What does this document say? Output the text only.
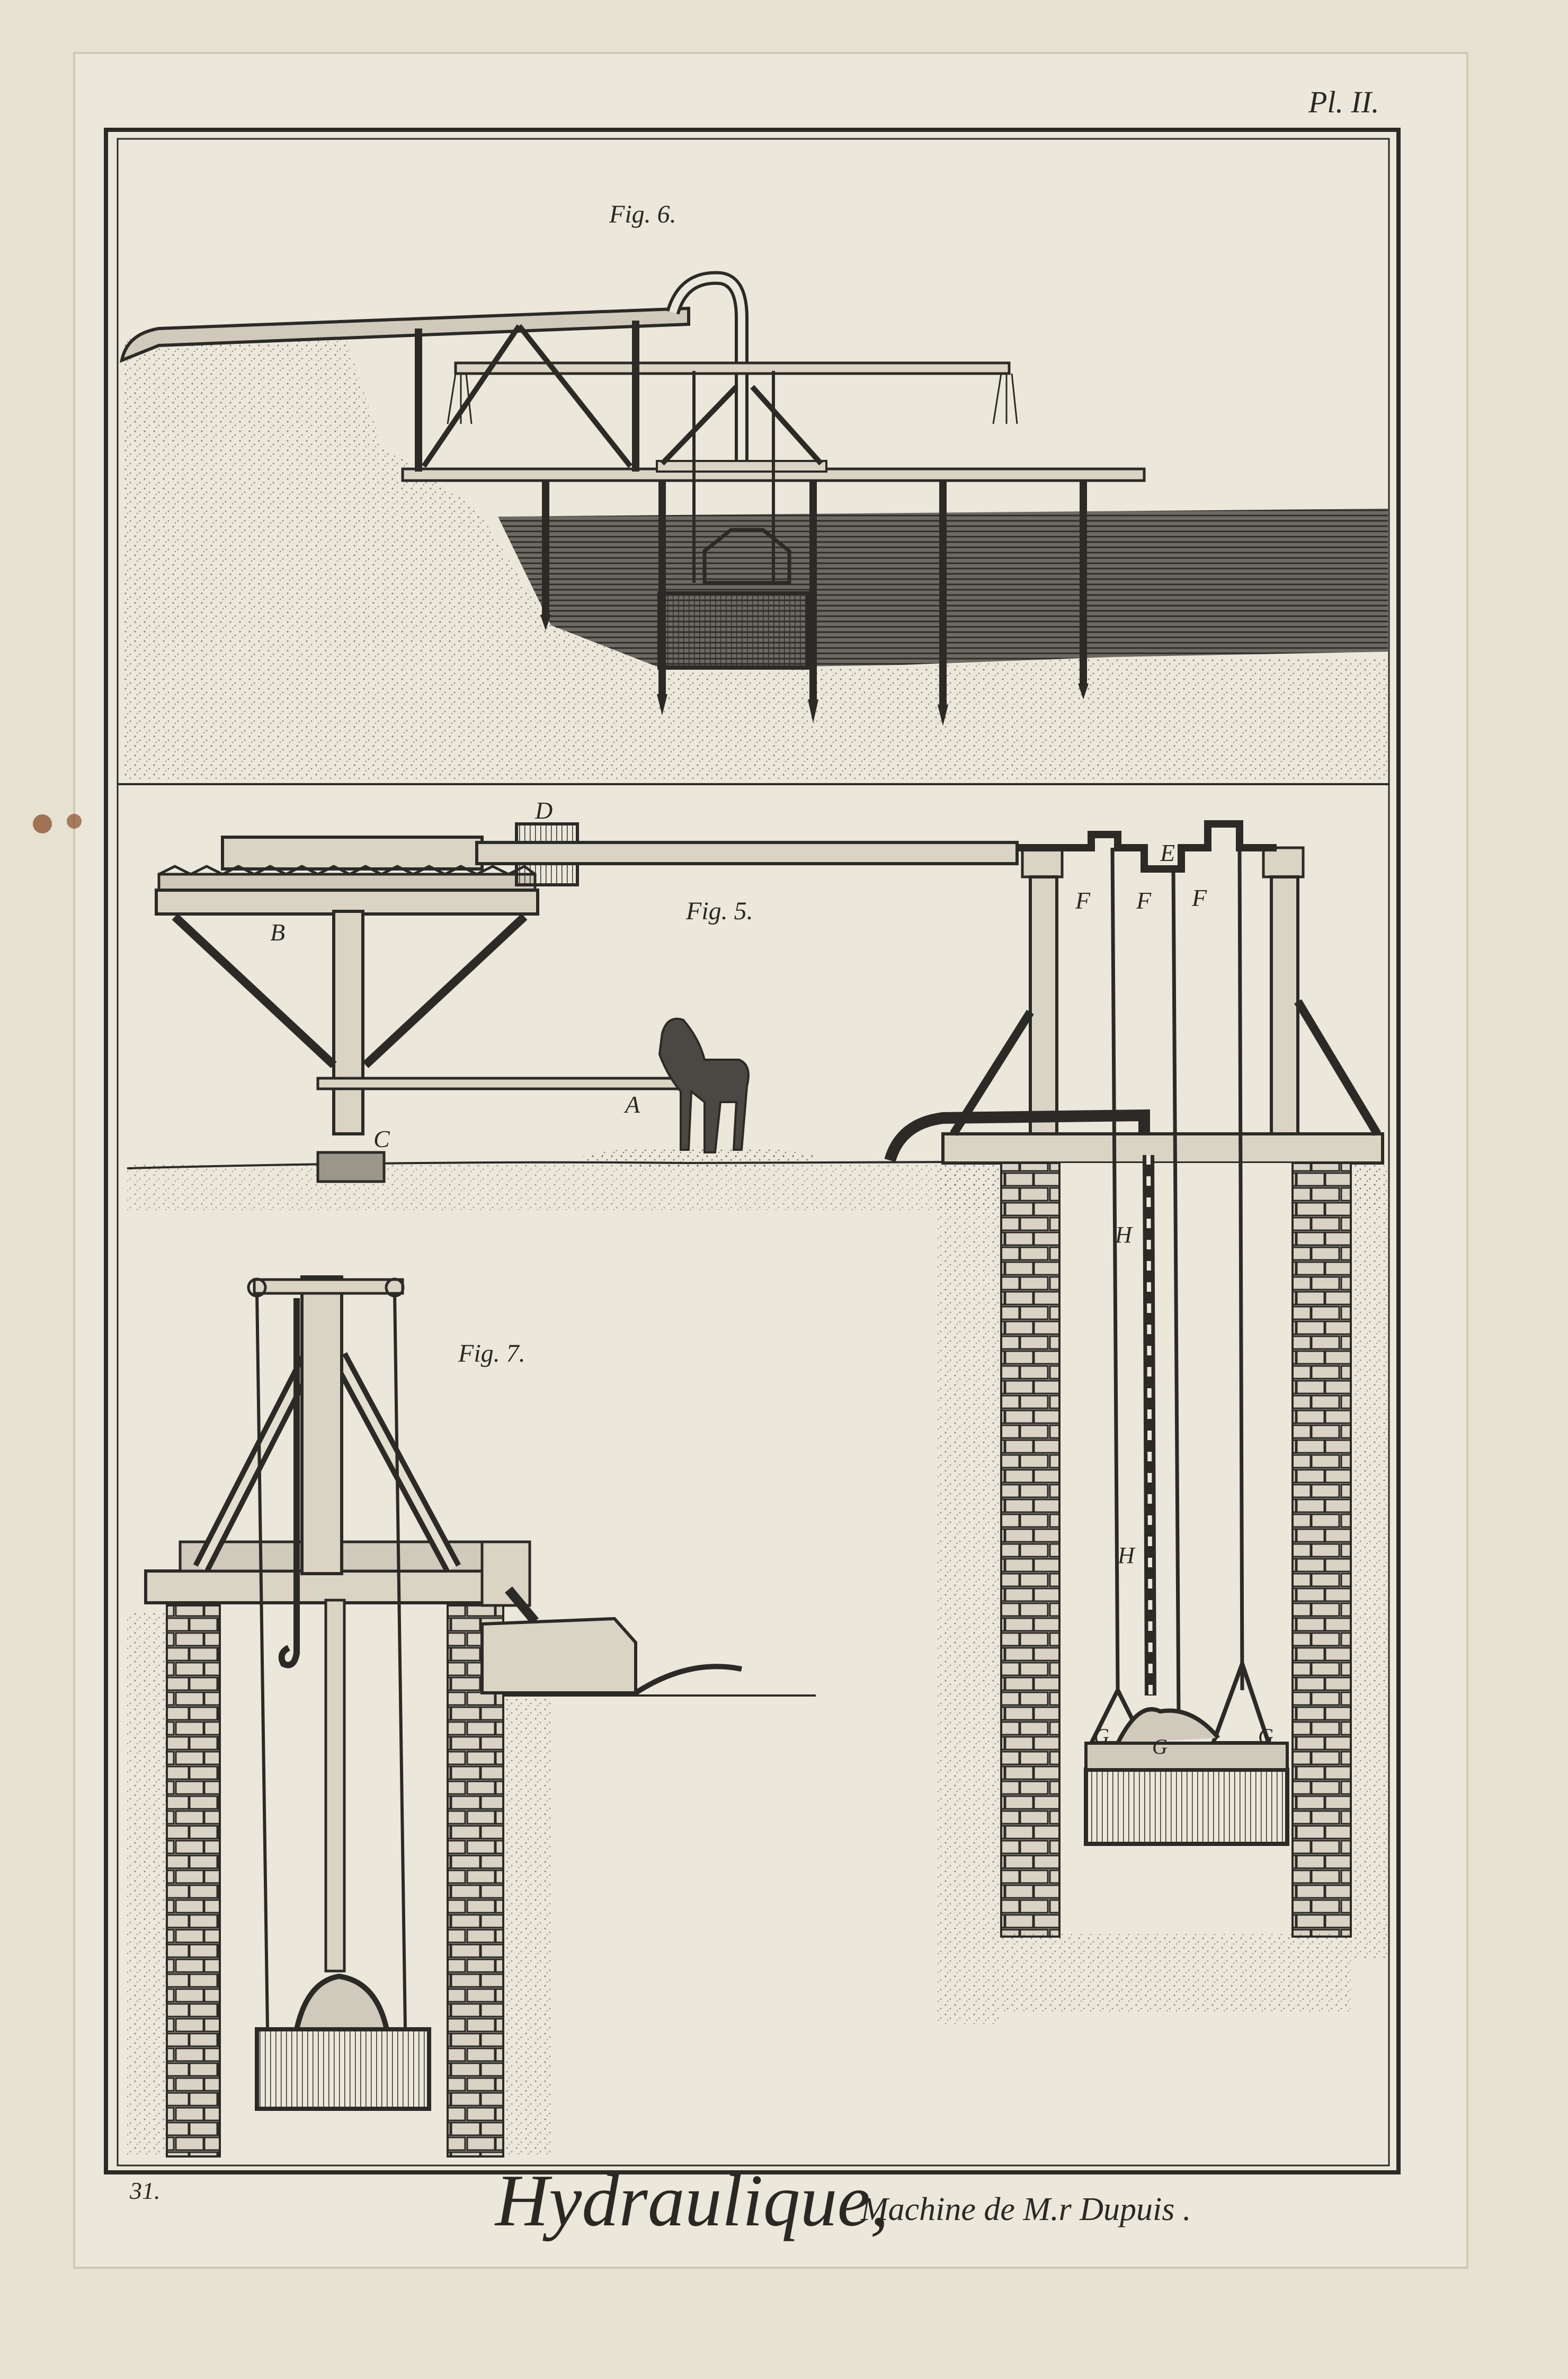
Pl. II.
31.	Hydraulique,
Machine de M.r Dupuis .
Fig. 6.
Fig. 5.
A
B
C
D
E
F F F
G G	G
H
H
Fig. 7.
